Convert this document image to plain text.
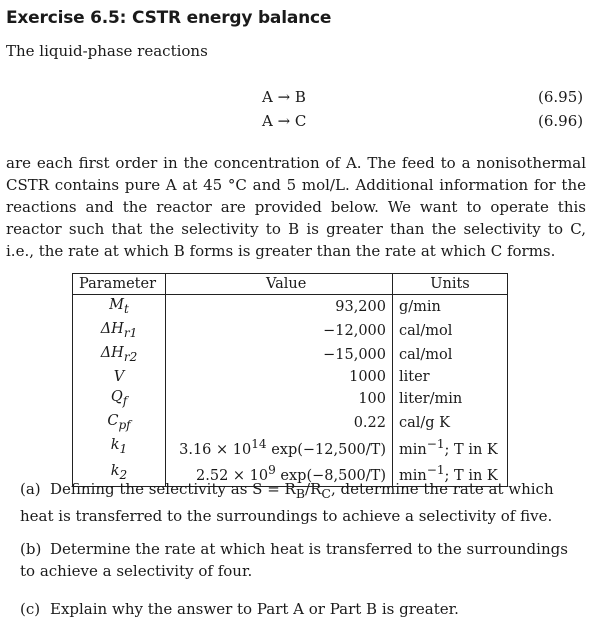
Exercise 6.5: CSTR energy balance
The liquid-phase reactions
A → B	(6.95)
A → C	(6.96)
are each first order in the concentration of A. The feed to a nonisothermal CSTR contains pure A at 45 °C and 5 mol/L. Additional information for the reactions and the reactor are provided below. We want to operate this reactor such that the selectivity to B is greater than the selectivity to C, i.e., the rate at which B forms is greater than the rate at which C forms.
Parameter	Value	Units
$M_t$	93,200	g/min
$\Delta H_{r1}$	−12,000	cal/mol
$\Delta H_{r2}$	−15,000	cal/mol
V	1000	liter
$Q_f$	100	liter/min
$C_{pf}$	0.22	cal/g K
$k_1$	$3.16 \times 10^{14}$ exp(−12,500/T)	$\min^{-1}$; T in K
$k_2$	$2.52 \times 10^9$ exp(−8,500/T)	$\min^{-1}$; T in K
(a) Defining the selectivity as $S = R_B/R_C$, determine the rate at which heat is transferred to the surroundings to achieve a selectivity of five.
(b) Determine the rate at which heat is transferred to the surroundings to achieve a selectivity of four.
(c) Explain why the answer to Part A or Part B is greater.
